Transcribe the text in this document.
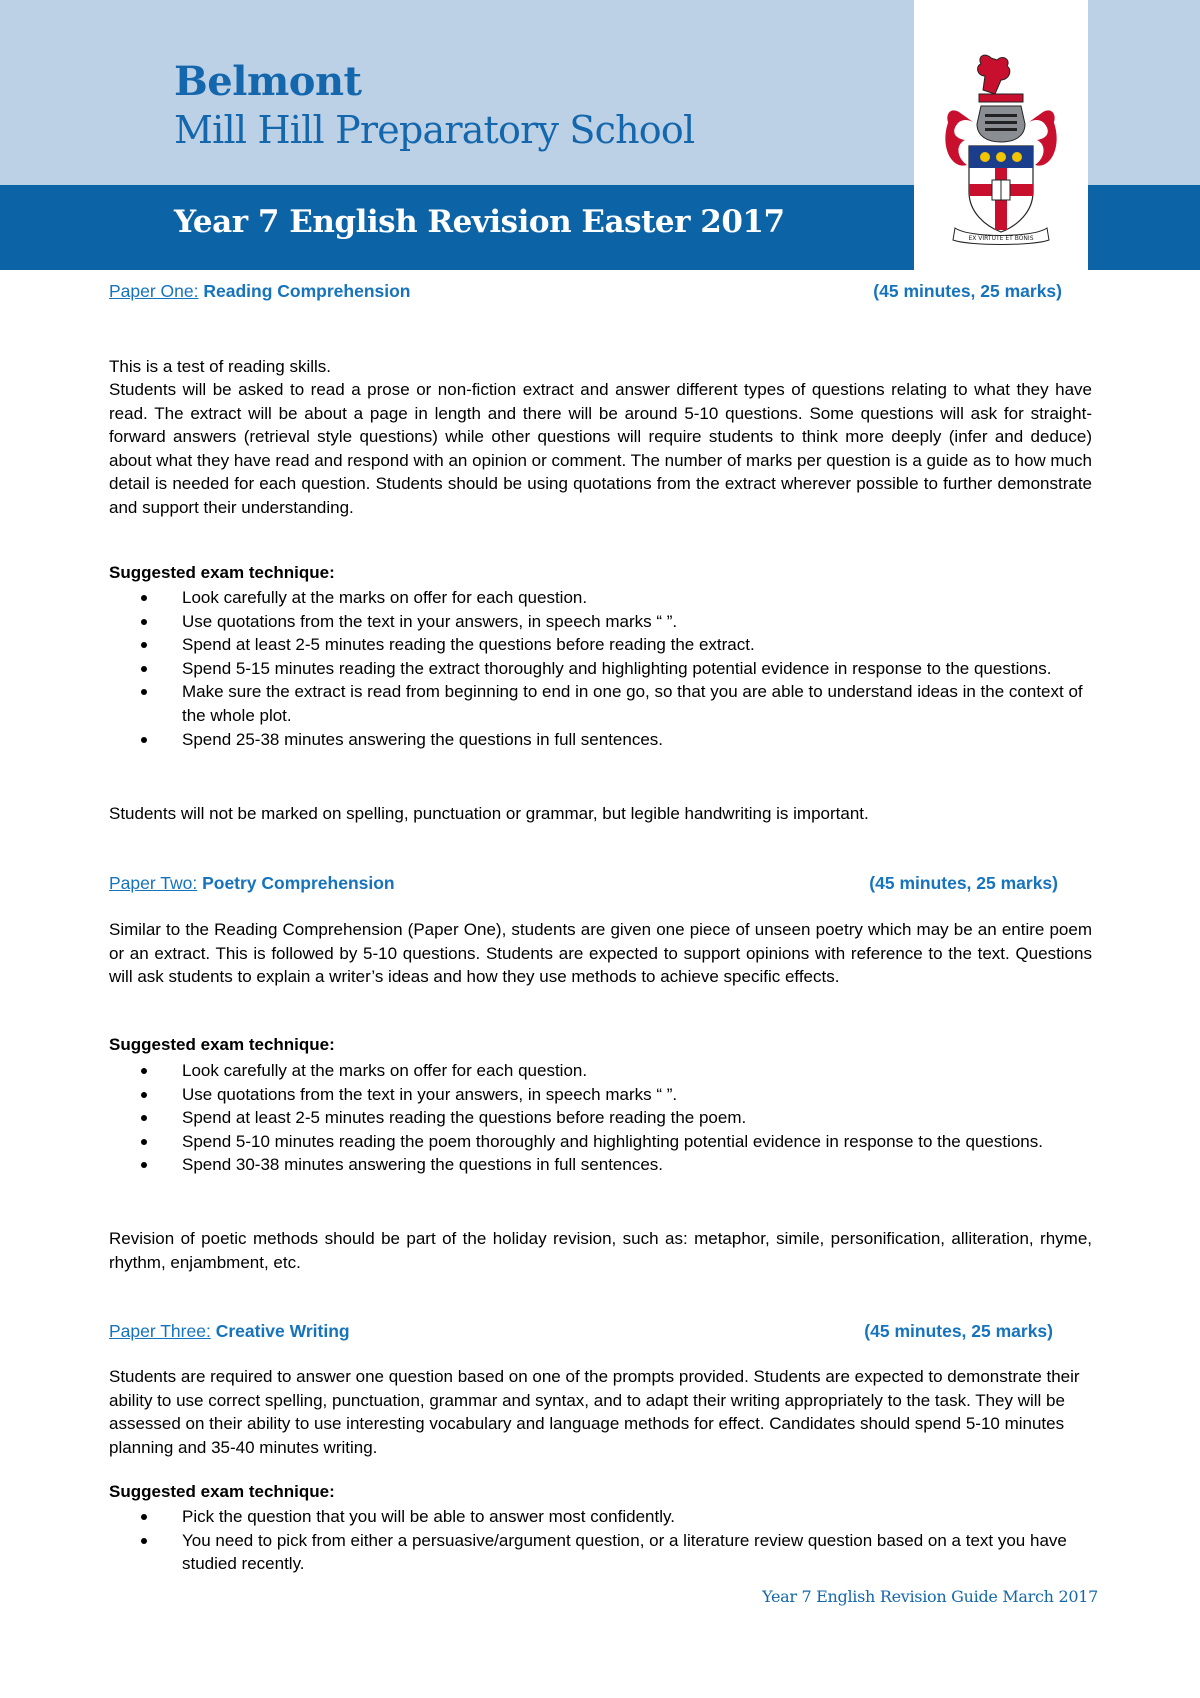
Belmont
Mill Hill Preparatory School
Year 7 English Revision Easter 2017	EX VIRTUTE ET BONIS
Paper One: Reading Comprehension	(45 minutes, 25 marks)

This is a test of reading skills.

Students will be asked to read a prose or non-fiction extract and answer different types of questions relating to what they have read. The extract will be about a page in length and there will be around 5-10 questions. Some questions will ask for straight-forward answers (retrieval style questions) while other questions will require students to think more deeply (infer and deduce) about what they have read and respond with an opinion or comment. The number of marks per question is a guide as to how much detail is needed for each question. Students should be using quotations from the extract wherever possible to further demonstrate and support their understanding.

Suggested exam technique:
Look carefully at the marks on offer for each question.
Use quotations from the text in your answers, in speech marks “ ”.
Spend at least 2-5 minutes reading the questions before reading the extract.
Spend 5-15 minutes reading the extract thoroughly and highlighting potential evidence in response to the questions.
Make sure the extract is read from beginning to end in one go, so that you are able to understand ideas in the context of the whole plot.
Spend 25-38 minutes answering the questions in full sentences.

Students will not be marked on spelling, punctuation or grammar, but legible handwriting is important.

Paper Two: Poetry Comprehension	(45 minutes, 25 marks)

Similar to the Reading Comprehension (Paper One), students are given one piece of unseen poetry which may be an entire poem or an extract. This is followed by 5-10 questions. Students are expected to support opinions with reference to the text. Questions will ask students to explain a writer’s ideas and how they use methods to achieve specific effects.

Suggested exam technique:
Look carefully at the marks on offer for each question.
Use quotations from the text in your answers, in speech marks “ ”.
Spend at least 2-5 minutes reading the questions before reading the poem.
Spend 5-10 minutes reading the poem thoroughly and highlighting potential evidence in response to the questions.
Spend 30-38 minutes answering the questions in full sentences.

Revision of poetic methods should be part of the holiday revision, such as: metaphor, simile, personification, alliteration, rhyme, rhythm, enjambment, etc.

Paper Three: Creative Writing	(45 minutes, 25 marks)

Students are required to answer one question based on one of the prompts provided. Students are expected to demonstrate their ability to use correct spelling, punctuation, grammar and syntax, and to adapt their writing appropriately to the task. They will be assessed on their ability to use interesting vocabulary and language methods for effect. Candidates should spend 5-10 minutes planning and 35-40 minutes writing.

Suggested exam technique:
Pick the question that you will be able to answer most confidently.
You need to pick from either a persuasive/argument question, or a literature review question based on a text you have studied recently.
Year 7 English Revision Guide March 2017
